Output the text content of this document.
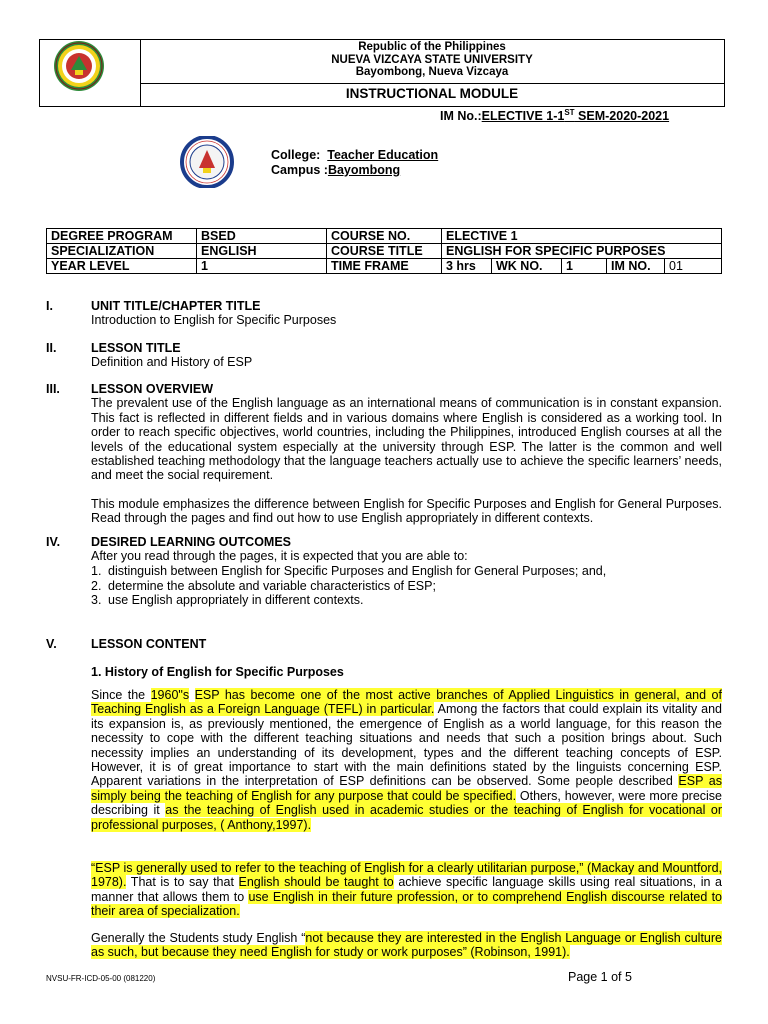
Republic of the Philippines
NUEVA VIZCAYA STATE UNIVERSITY
Bayombong, Nueva Vizcaya
INSTRUCTIONAL MODULE
IM No.:ELECTIVE 1-1ST SEM-2020-2021
College: Teacher Education
Campus :Bayombong
DEGREE PROGRAM	BSED	COURSE NO.	ELECTIVE 1				
SPECIALIZATION	ENGLISH	COURSE TITLE	ENGLISH FOR SPECIFIC PURPOSES				
YEAR LEVEL	1	TIME FRAME	3 hrs	WK NO.	1	IM NO.	01
I.	UNIT TITLE/CHAPTER TITLE
Introduction to English for Specific Purposes
II.	LESSON TITLE
Definition and History of ESP
III. LESSON OVERVIEW
The prevalent use of the English language as an international means of communication is in constant expansion. This fact is reflected in different fields and in various domains where English is considered as a working tool. In order to reach specific objectives, world countries, including the Philippines, introduced English courses at all the levels of the educational system especially at the university through ESP. The latter is the common and well established teaching methodology that the language teachers actually use to achieve the specific learners’ needs, and meet the social requirement.
This module emphasizes the difference between English for Specific Purposes and English for General Purposes. Read through the pages and find out how to use English appropriately in different contexts.
IV. DESIRED LEARNING OUTCOMES
After you read through the pages, it is expected that you are able to:
1. distinguish between English for Specific Purposes and English for General Purposes; and,
2. determine the absolute and variable characteristics of ESP;
3. use English appropriately in different contexts.
V.	LESSON CONTENT
1. History of English for Specific Purposes
Since the 1960"s ESP has become one of the most active branches of Applied Linguistics in general, and of Teaching English as a Foreign Language (TEFL) in particular. Among the factors that could explain its vitality and its expansion is, as previously mentioned, the emergence of English as a world language, for this reason the necessity to cope with the different teaching situations and needs that such a position brings about. Such necessity implies an understanding of its development, types and the different teaching concepts of ESP. However, it is of great importance to start with the main definitions stated by the linguists concerning ESP. Apparent variations in the interpretation of ESP definitions can be observed. Some people described ESP as simply being the teaching of English for any purpose that could be specified. Others, however, were more precise describing it as the teaching of English used in academic studies or the teaching of English for vocational or professional purposes, ( Anthony,1997).
“ESP is generally used to refer to the teaching of English for a clearly utilitarian purpose,” (Mackay and Mountford, 1978). That is to say that English should be taught to achieve specific language skills using real situations, in a manner that allows them to use English in their future profession, or to comprehend English discourse related to their area of specialization.
Generally the Students study English “not because they are interested in the English Language or English culture as such, but because they need English for study or work purposes” (Robinson, 1991).
NVSU-FR-ICD-05-00 (081220)	Page 1 of 5
